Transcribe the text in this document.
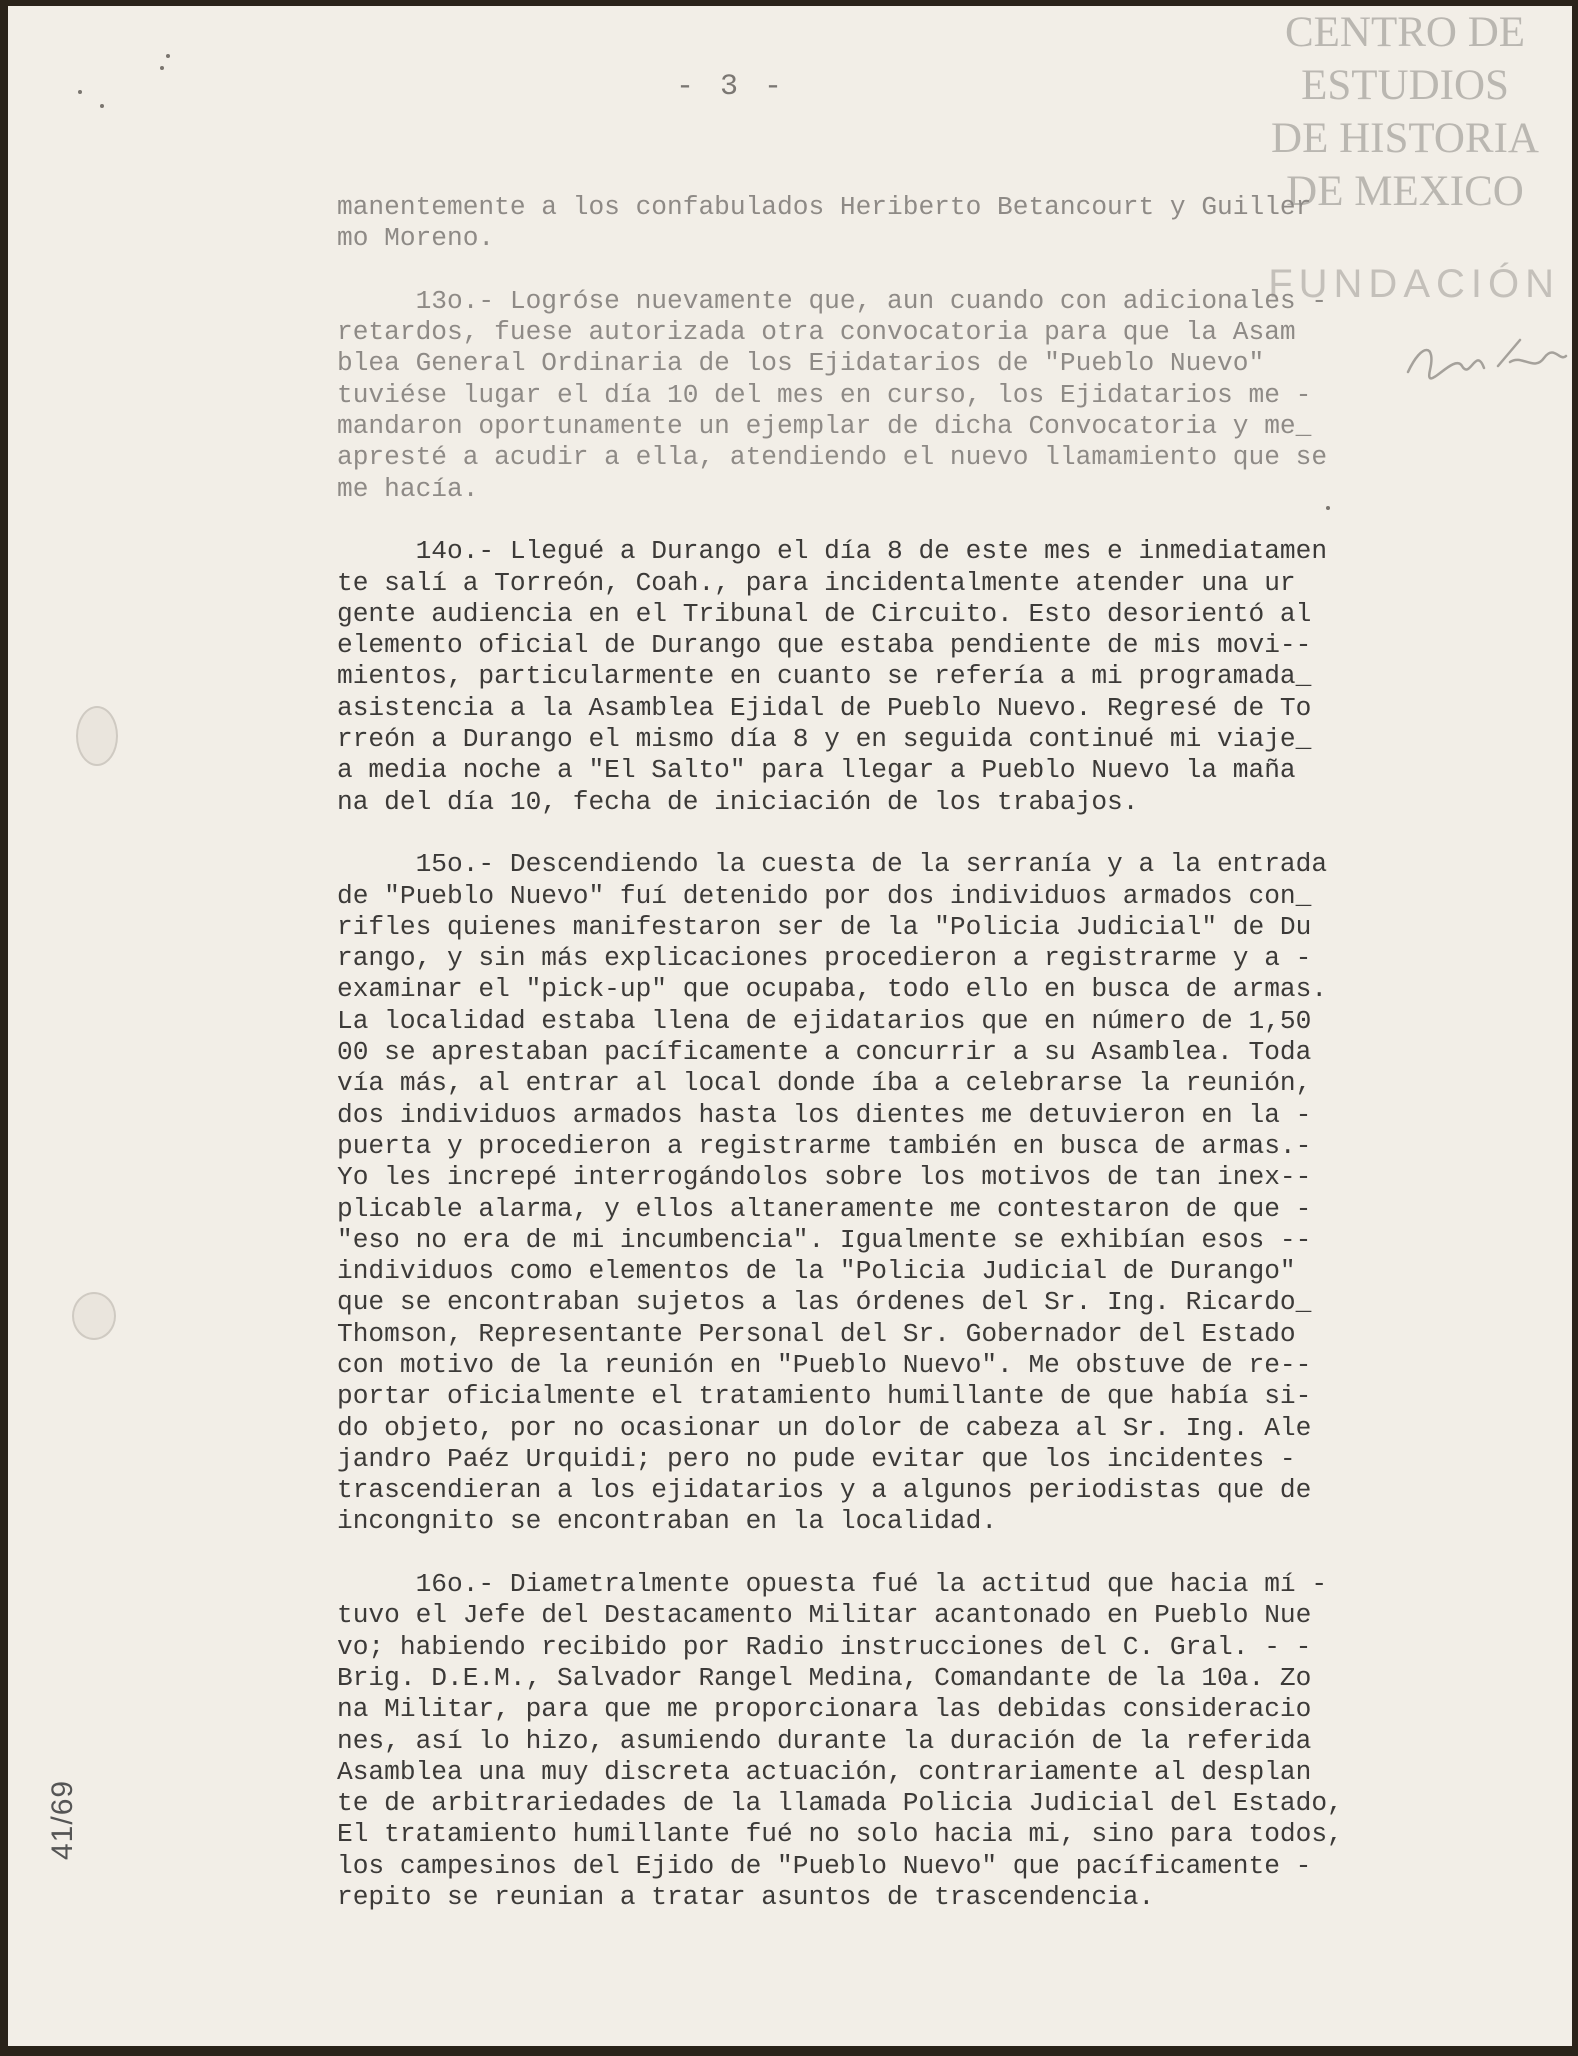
- 3 -
CENTRO DE
ESTUDIOS
DE HISTORIA
DE MEXICO
FUNDACIÓN
manentemente a los confabulados Heriberto Betancourt y Guiller
mo Moreno.
13o.- Logróse nuevamente que, aun cuando con adicionales -
retardos, fuese autorizada otra convocatoria para que la Asam
blea General Ordinaria de los Ejidatarios de "Pueblo Nuevo"
tuviése lugar el día 10 del mes en curso, los Ejidatarios me -
mandaron oportunamente un ejemplar de dicha Convocatoria y me_
apresté a acudir a ella, atendiendo el nuevo llamamiento que se
me hacía.
14o.- Llegué a Durango el día 8 de este mes e inmediatamen
te salí a Torreón, Coah., para incidentalmente atender una ur
gente audiencia en el Tribunal de Circuito. Esto desorientó al
elemento oficial de Durango que estaba pendiente de mis movi--
mientos, particularmente en cuanto se refería a mi programada_
asistencia a la Asamblea Ejidal de Pueblo Nuevo. Regresé de To
rreón a Durango el mismo día 8 y en seguida continué mi viaje_
a media noche a "El Salto" para llegar a Pueblo Nuevo la maña
na del día 10, fecha de iniciación de los trabajos.
15o.- Descendiendo la cuesta de la serranía y a la entrada
de "Pueblo Nuevo" fuí detenido por dos individuos armados con_
rifles quienes manifestaron ser de la "Policia Judicial" de Du
rango, y sin más explicaciones procedieron a registrarme y a -
examinar el "pick-up" que ocupaba, todo ello en busca de armas.
La localidad estaba llena de ejidatarios que en número de 1,50
00 se aprestaban pacíficamente a concurrir a su Asamblea. Toda
vía más, al entrar al local donde íba a celebrarse la reunión,
dos individuos armados hasta los dientes me detuvieron en la -
puerta y procedieron a registrarme también en busca de armas.-
Yo les increpé interrogándolos sobre los motivos de tan inex--
plicable alarma, y ellos altaneramente me contestaron de que -
"eso no era de mi incumbencia". Igualmente se exhibían esos --
individuos como elementos de la "Policia Judicial de Durango"
que se encontraban sujetos a las órdenes del Sr. Ing. Ricardo_
Thomson, Representante Personal del Sr. Gobernador del Estado
con motivo de la reunión en "Pueblo Nuevo". Me obstuve de re--
portar oficialmente el tratamiento humillante de que había si-
do objeto, por no ocasionar un dolor de cabeza al Sr. Ing. Ale
jandro Paéz Urquidi; pero no pude evitar que los incidentes -
trascendieran a los ejidatarios y a algunos periodistas que de
incongnito se encontraban en la localidad.
16o.- Diametralmente opuesta fué la actitud que hacia mí -
tuvo el Jefe del Destacamento Militar acantonado en Pueblo Nue
vo; habiendo recibido por Radio instrucciones del C. Gral. - -
Brig. D.E.M., Salvador Rangel Medina, Comandante de la 10a. Zo
na Militar, para que me proporcionara las debidas consideracio
nes, así lo hizo, asumiendo durante la duración de la referida
Asamblea una muy discreta actuación, contrariamente al desplan
te de arbitrariedades de la llamada Policia Judicial del Estado,
El tratamiento humillante fué no solo hacia mi, sino para todos,
los campesinos del Ejido de "Pueblo Nuevo" que pacíficamente -
repito se reunian a tratar asuntos de trascendencia.
41/69
